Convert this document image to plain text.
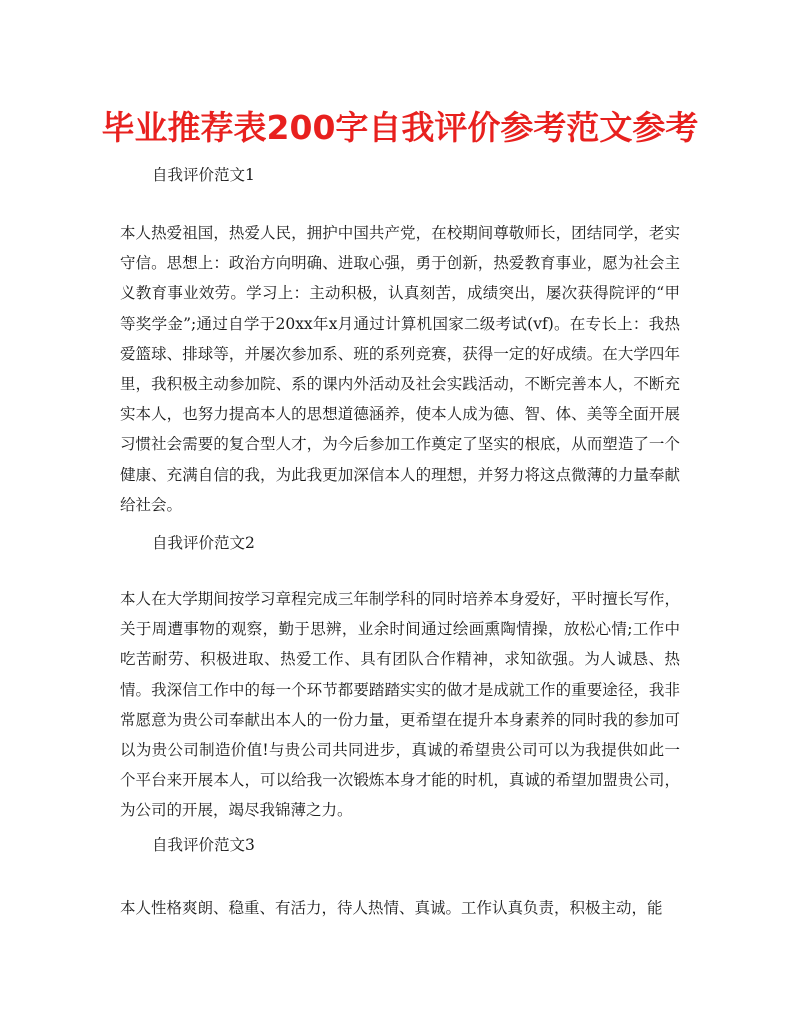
毕业推荐表200字自我评价参考范文参考
自我评价范文1
本人热爱祖国，热爱人民，拥护中国共产党，在校期间尊敬师长，团结同学，老实守信。思想上：政治方向明确、进取心强，勇于创新，热爱教育事业，愿为社会主义教育事业效劳。学习上：主动积极，认真刻苦，成绩突出，屡次获得院评的“甲等奖学金”;通过自学于20xx年x月通过计算机国家二级考试(vf)。在专长上：我热爱篮球、排球等，并屡次参加系、班的系列竞赛，获得一定的好成绩。在大学四年里，我积极主动参加院、系的课内外活动及社会实践活动，不断完善本人，不断充实本人，也努力提高本人的思想道德涵养，使本人成为德、智、体、美等全面开展习惯社会需要的复合型人才，为今后参加工作奠定了坚实的根底，从而塑造了一个健康、充满自信的我，为此我更加深信本人的理想，并努力将这点微薄的力量奉献给社会。
自我评价范文2
本人在大学期间按学习章程完成三年制学科的同时培养本身爱好，平时擅长写作，关于周遭事物的观察，勤于思辨，业余时间通过绘画熏陶情操，放松心情;工作中吃苦耐劳、积极进取、热爱工作、具有团队合作精神，求知欲强。为人诚恳、热情。我深信工作中的每一个环节都要踏踏实实的做才是成就工作的重要途径，我非常愿意为贵公司奉献出本人的一份力量，更希望在提升本身素养的同时我的参加可以为贵公司制造价值!与贵公司共同进步，真诚的希望贵公司可以为我提供如此一个平台来开展本人，可以给我一次锻炼本身才能的时机，真诚的希望加盟贵公司，为公司的开展，竭尽我锦薄之力。
自我评价范文3
本人性格爽朗、稳重、有活力，待人热情、真诚。工作认真负责，积极主动，能
